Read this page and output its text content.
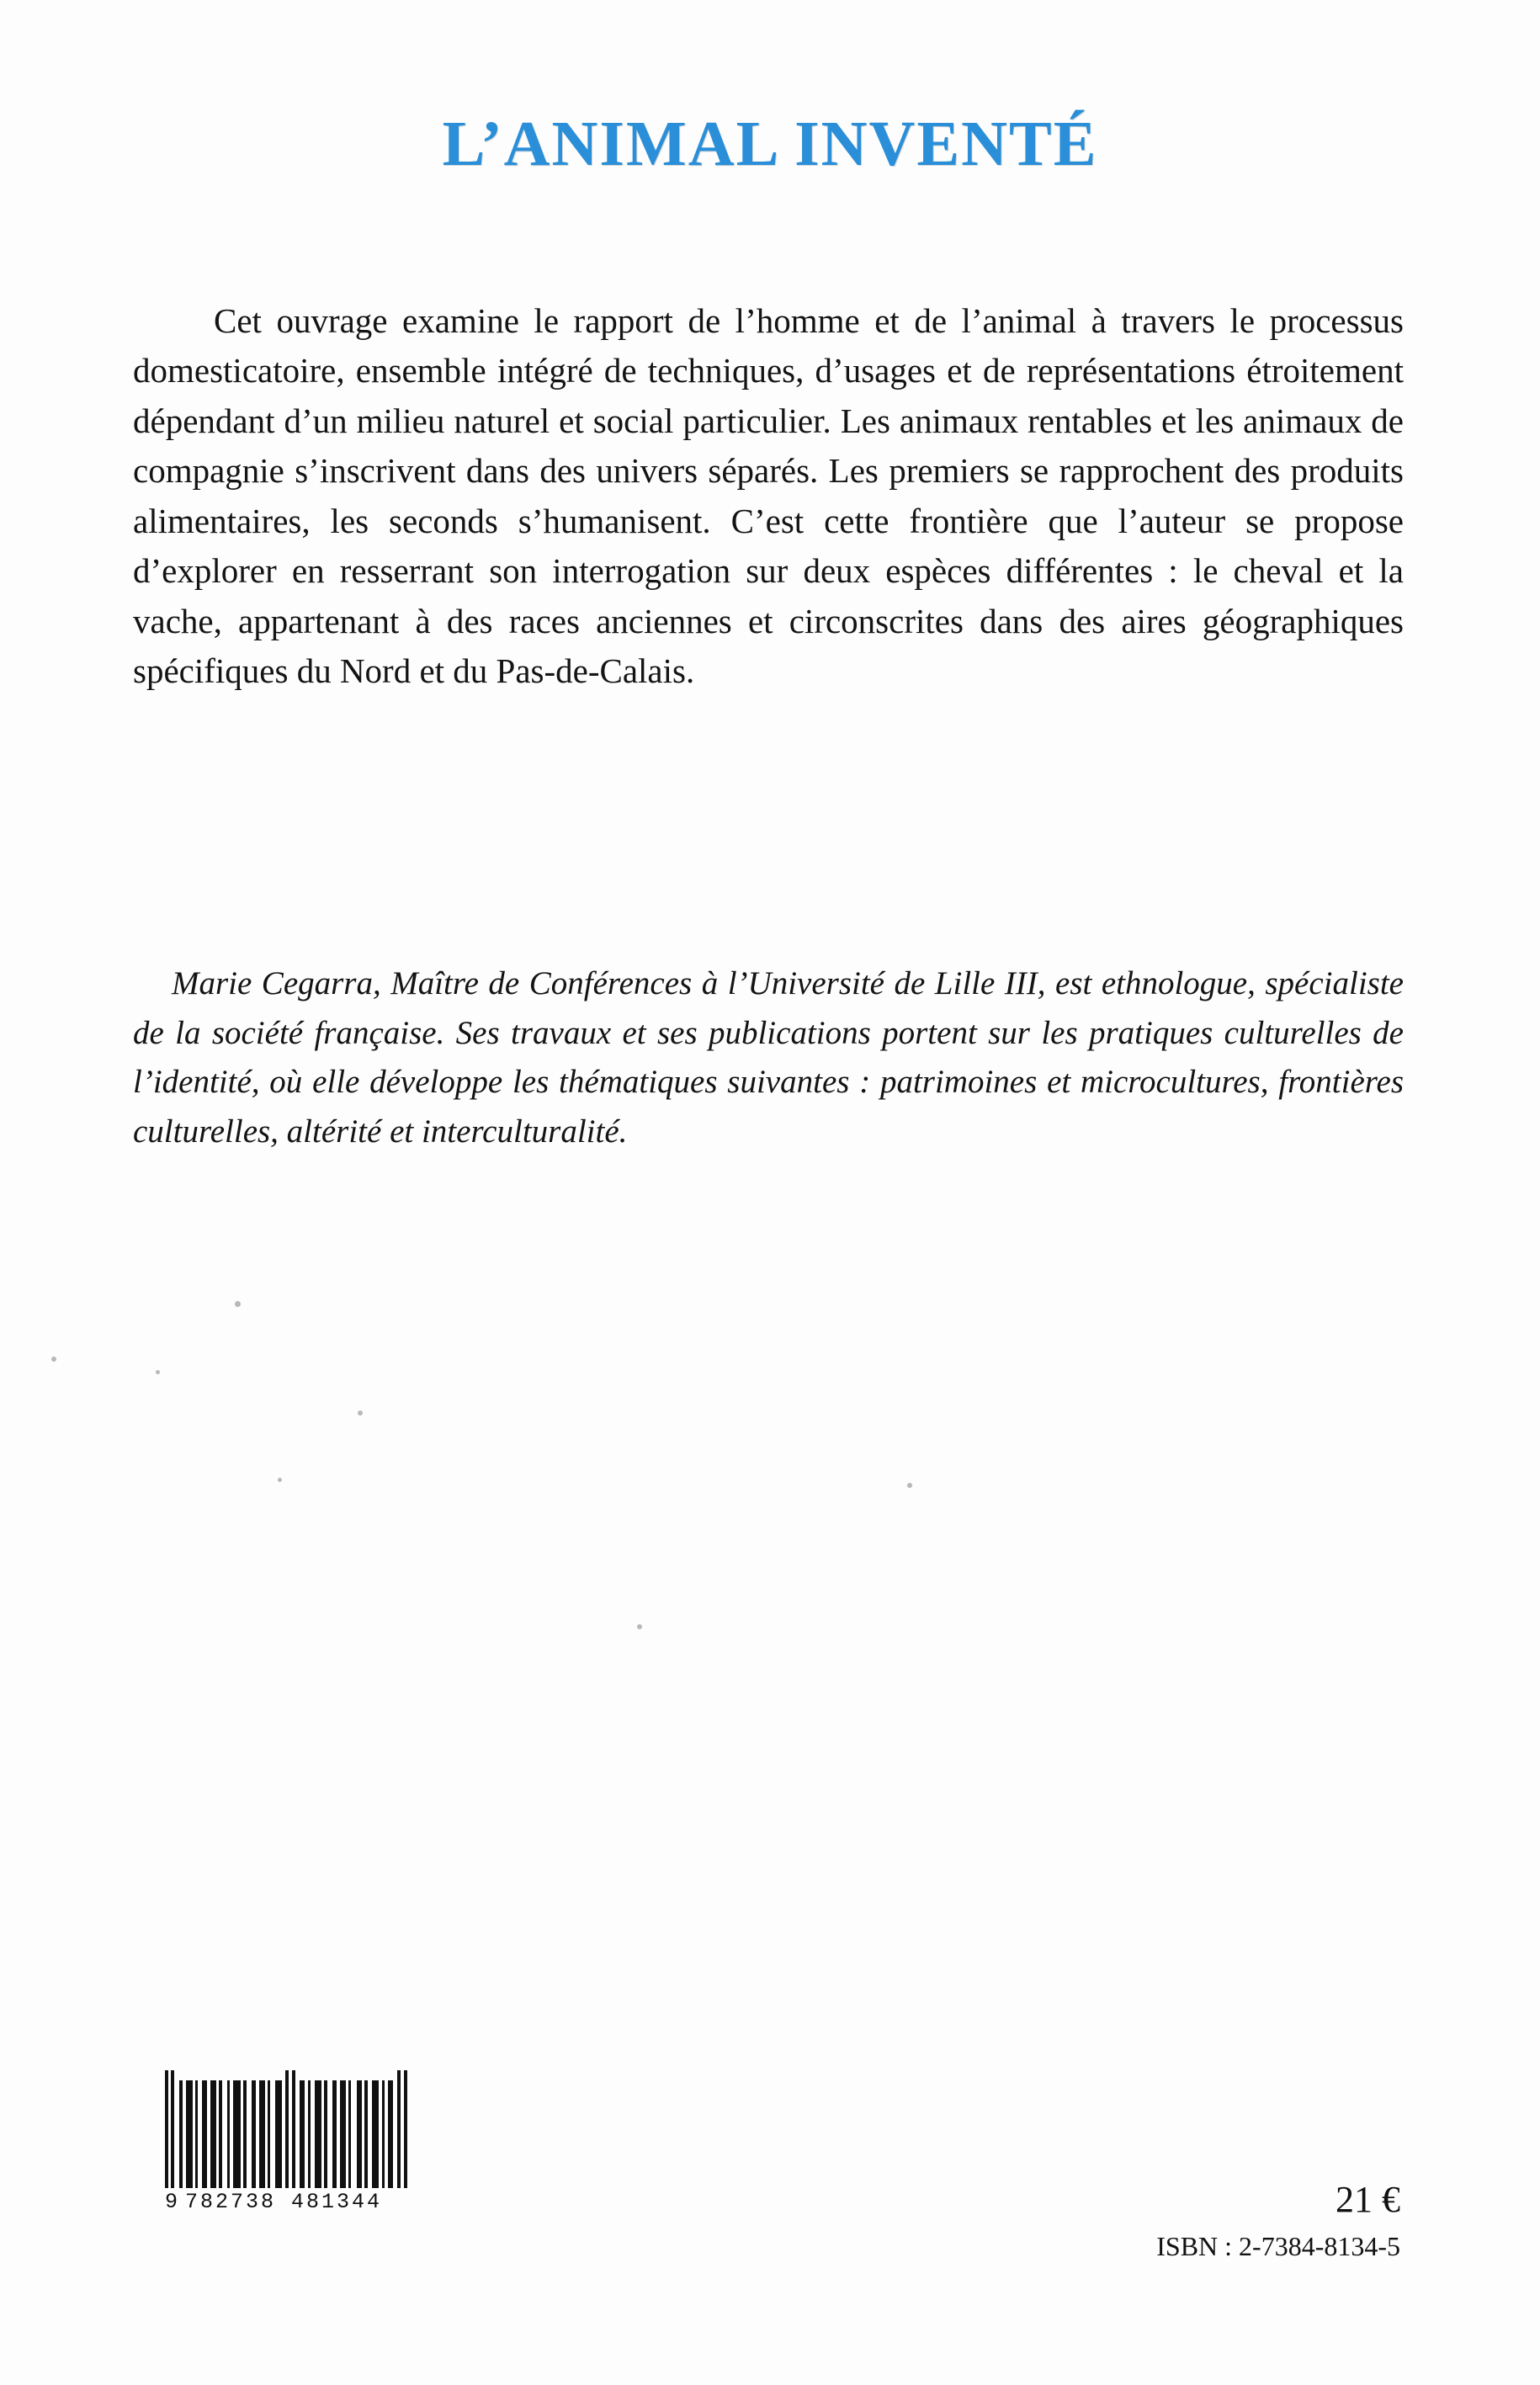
L’ANIMAL INVENTÉ
Cet ouvrage examine le rapport de l’homme et de l’animal à travers le processus domesticatoire, ensemble intégré de techniques, d’usages et de représentations étroitement dépendant d’un milieu naturel et social particulier. Les animaux rentables et les animaux de compagnie s’inscrivent dans des univers séparés. Les premiers se rapprochent des produits alimentaires, les seconds s’humanisent. C’est cette frontière que l’auteur se propose d’explorer en resserrant son interrogation sur deux espèces différentes : le cheval et la vache, appartenant à des races anciennes et circonscrites dans des aires géographiques spécifiques du Nord et du Pas-de-Calais.
Marie Cegarra, Maître de Conférences à l’Université de Lille III, est ethnologue, spécialiste de la société française. Ses travaux et ses publications portent sur les pratiques culturelles de l’identité, où elle développe les thématiques suivantes : patrimoines et microcultures, frontières culturelles, altérité et interculturalité.
9 782738 481344	21 €
ISBN : 2-7384-8134-5
